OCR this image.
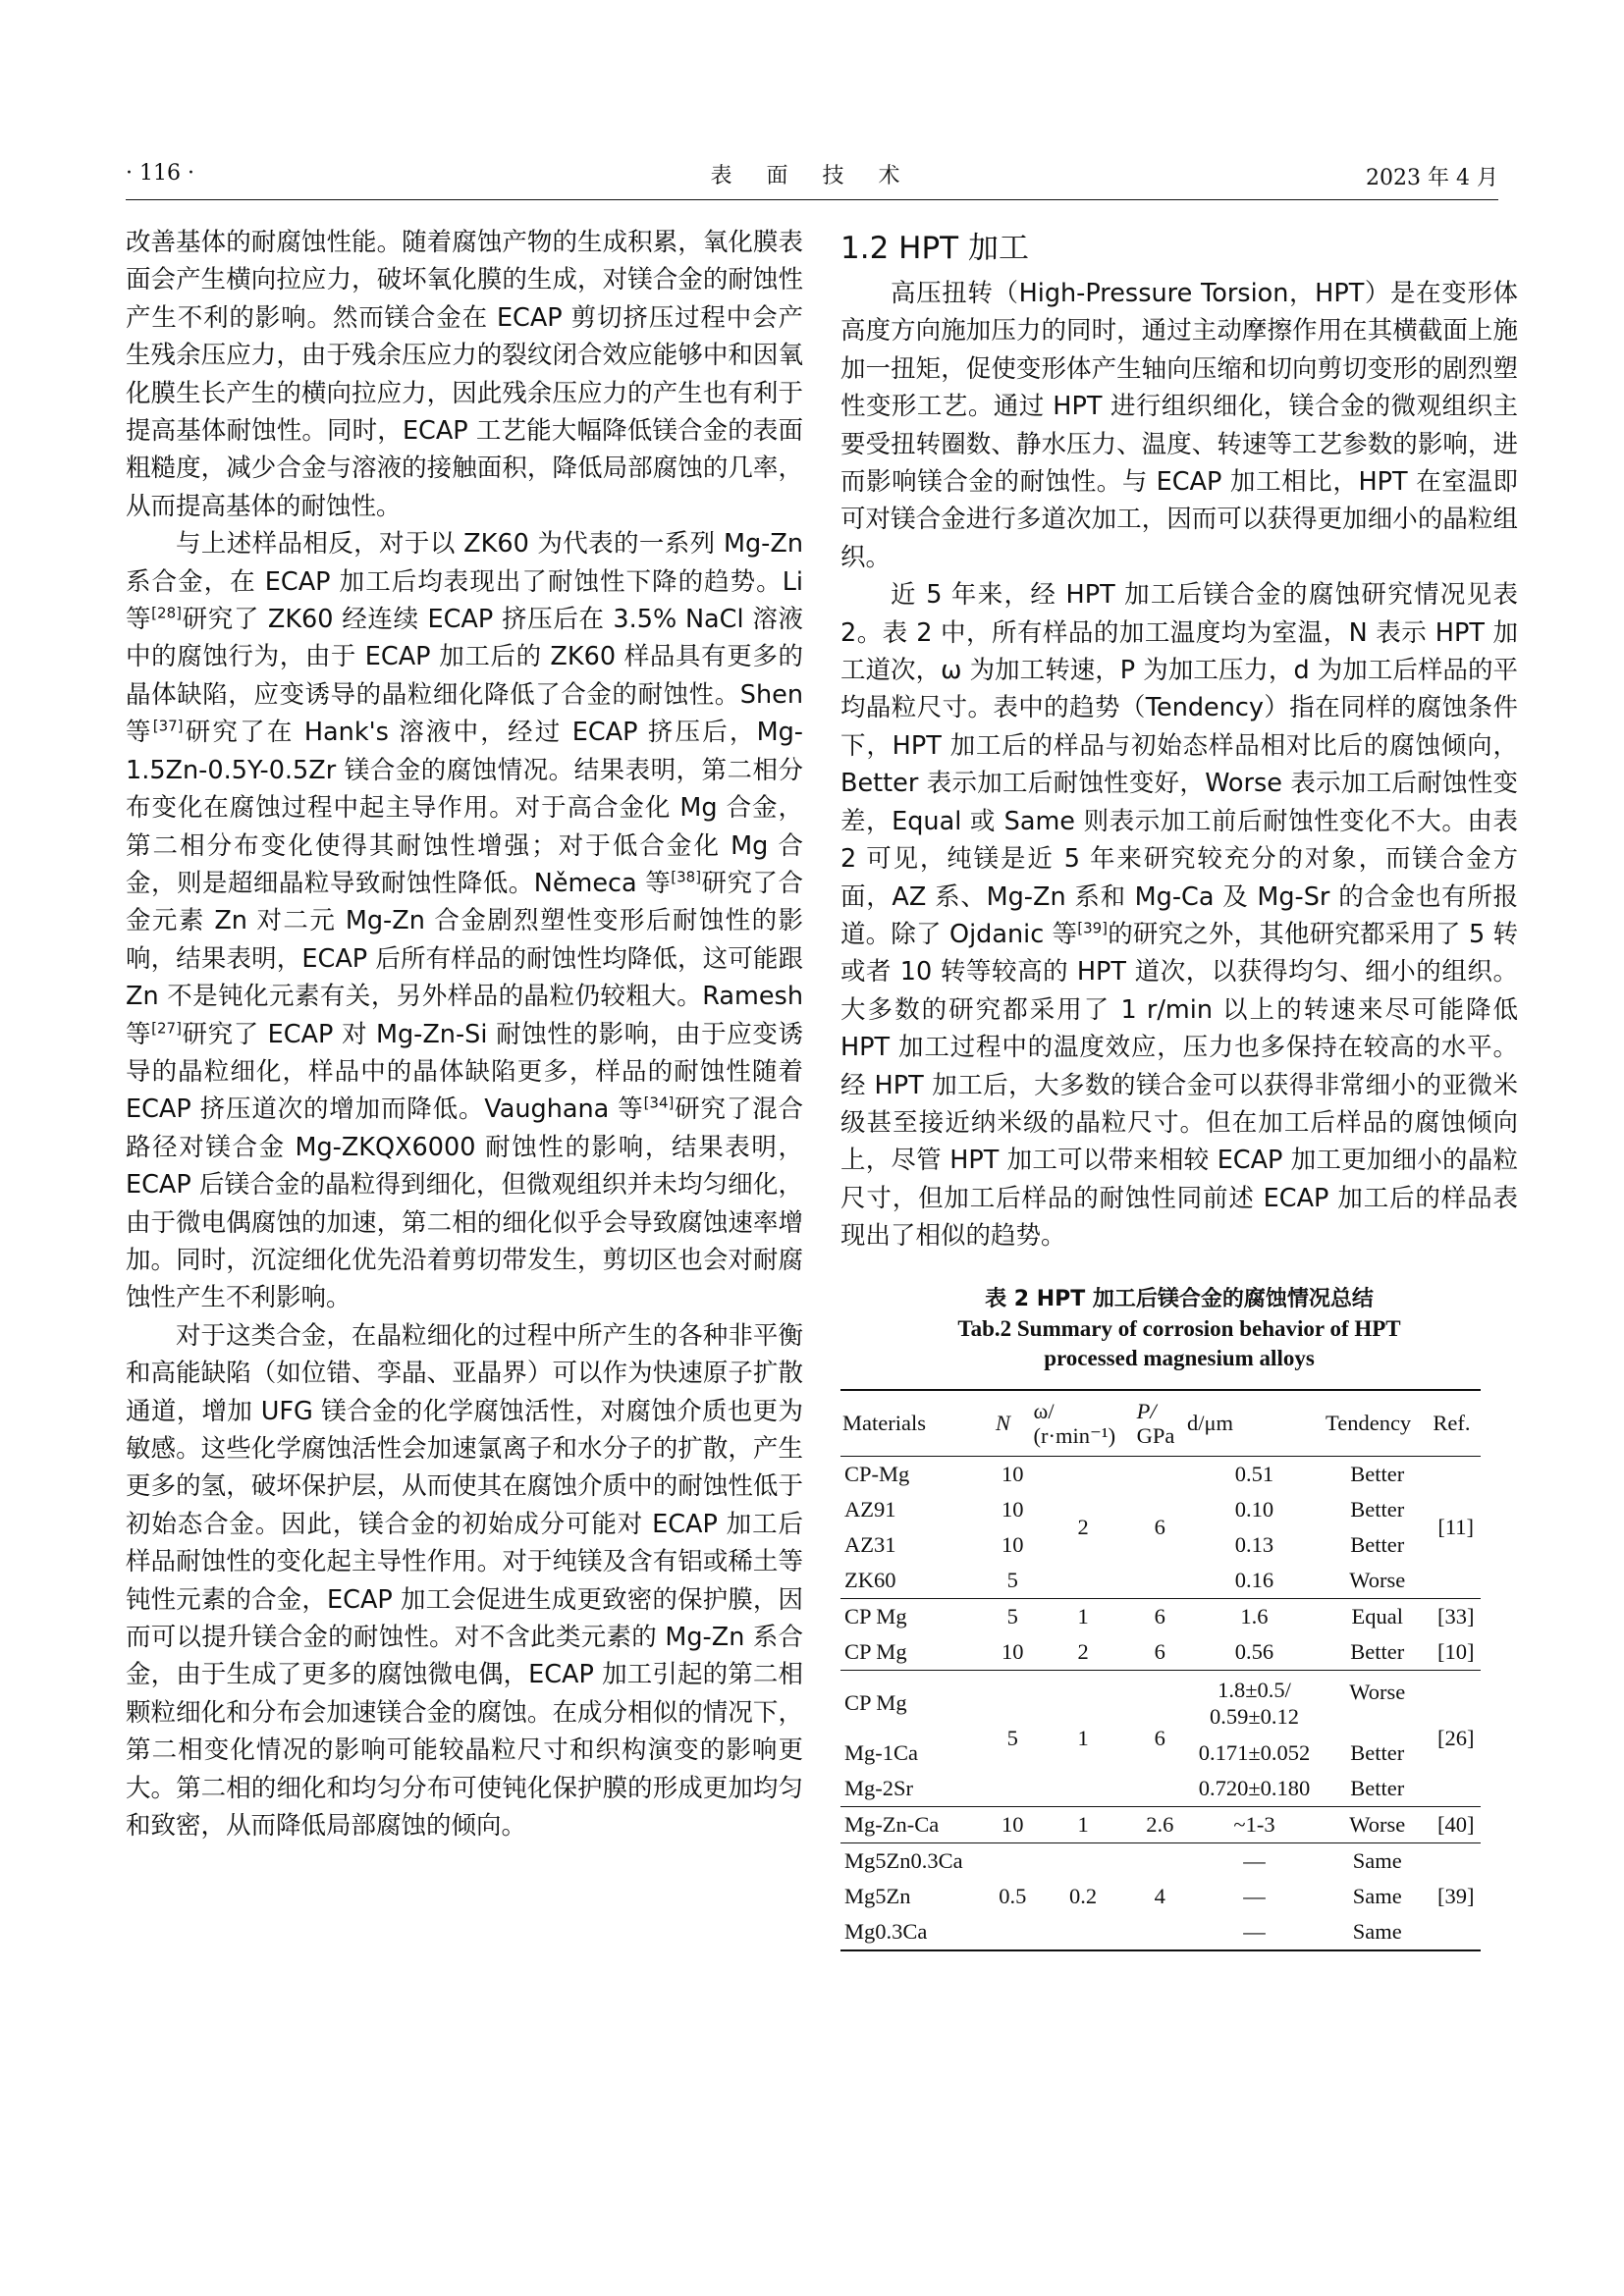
· 116 ·	表 面 技 术	2023 年 4 月

改善基体的耐腐蚀性能。随着腐蚀产物的生成积累，氧化膜表面会产生横向拉应力，破坏氧化膜的生成，对镁合金的耐蚀性产生不利的影响。然而镁合金在 ECAP 剪切挤压过程中会产生残余压应力，由于残余压应力的裂纹闭合效应能够中和因氧化膜生长产生的横向拉应力，因此残余压应力的产生也有利于提高基体耐蚀性。同时，ECAP 工艺能大幅降低镁合金的表面粗糙度，减少合金与溶液的接触面积，降低局部腐蚀的几率，从而提高基体的耐蚀性。

与上述样品相反，对于以 ZK60 为代表的一系列 Mg-Zn 系合金，在 ECAP 加工后均表现出了耐蚀性下降的趋势。Li 等[28]研究了 ZK60 经连续 ECAP 挤压后在 3.5% NaCl 溶液中的腐蚀行为，由于 ECAP 加工后的 ZK60 样品具有更多的晶体缺陷，应变诱导的晶粒细化降低了合金的耐蚀性。Shen 等[37]研究了在 Hank's 溶液中，经过 ECAP 挤压后，Mg-1.5Zn-0.5Y-0.5Zr 镁合金的腐蚀情况。结果表明，第二相分布变化在腐蚀过程中起主导作用。对于高合金化 Mg 合金，第二相分布变化使得其耐蚀性增强；对于低合金化 Mg 合金，则是超细晶粒导致耐蚀性降低。Němeca 等[38]研究了合金元素 Zn 对二元 Mg-Zn 合金剧烈塑性变形后耐蚀性的影响，结果表明，ECAP 后所有样品的耐蚀性均降低，这可能跟 Zn 不是钝化元素有关，另外样品的晶粒仍较粗大。Ramesh 等[27]研究了 ECAP 对 Mg-Zn-Si 耐蚀性的影响，由于应变诱导的晶粒细化，样品中的晶体缺陷更多，样品的耐蚀性随着 ECAP 挤压道次的增加而降低。Vaughana 等[34]研究了混合路径对镁合金 Mg-ZKQX6000 耐蚀性的影响，结果表明，ECAP 后镁合金的晶粒得到细化，但微观组织并未均匀细化，由于微电偶腐蚀的加速，第二相的细化似乎会导致腐蚀速率增加。同时，沉淀细化优先沿着剪切带发生，剪切区也会对耐腐蚀性产生不利影响。

对于这类合金，在晶粒细化的过程中所产生的各种非平衡和高能缺陷（如位错、孪晶、亚晶界）可以作为快速原子扩散通道，增加 UFG 镁合金的化学腐蚀活性，对腐蚀介质也更为敏感。这些化学腐蚀活性会加速氯离子和水分子的扩散，产生更多的氢，破坏保护层，从而使其在腐蚀介质中的耐蚀性低于初始态合金。因此，镁合金的初始成分可能对 ECAP 加工后样品耐蚀性的变化起主导性作用。对于纯镁及含有铝或稀土等钝性元素的合金，ECAP 加工会促进生成更致密的保护膜，因而可以提升镁合金的耐蚀性。对不含此类元素的 Mg-Zn 系合金，由于生成了更多的腐蚀微电偶，ECAP 加工引起的第二相颗粒细化和分布会加速镁合金的腐蚀。在成分相似的情况下，第二相变化情况的影响可能较晶粒尺寸和织构演变的影响更大。第二相的细化和均匀分布可使钝化保护膜的形成更加均匀和致密，从而降低局部腐蚀的倾向。

1.2 HPT 加工

高压扭转（High-Pressure Torsion，HPT）是在变形体高度方向施加压力的同时，通过主动摩擦作用在其横截面上施加一扭矩，促使变形体产生轴向压缩和切向剪切变形的剧烈塑性变形工艺。通过 HPT 进行组织细化，镁合金的微观组织主要受扭转圈数、静水压力、温度、转速等工艺参数的影响，进而影响镁合金的耐蚀性。与 ECAP 加工相比，HPT 在室温即可对镁合金进行多道次加工，因而可以获得更加细小的晶粒组织。

近 5 年来，经 HPT 加工后镁合金的腐蚀研究情况见表 2。表 2 中，所有样品的加工温度均为室温，N 表示 HPT 加工道次，ω 为加工转速，P 为加工压力，d 为加工后样品的平均晶粒尺寸。表中的趋势（Tendency）指在同样的腐蚀条件下，HPT 加工后的样品与初始态样品相对比后的腐蚀倾向，Better 表示加工后耐蚀性变好，Worse 表示加工后耐蚀性变差，Equal 或 Same 则表示加工前后耐蚀性变化不大。由表 2 可见，纯镁是近 5 年来研究较充分的对象，而镁合金方面，AZ 系、Mg-Zn 系和 Mg-Ca 及 Mg-Sr 的合金也有所报道。除了 Ojdanic 等[39]的研究之外，其他研究都采用了 5 转或者 10 转等较高的 HPT 道次，以获得均匀、细小的组织。大多数的研究都采用了 1 r/min 以上的转速来尽可能降低 HPT 加工过程中的温度效应，压力也多保持在较高的水平。经 HPT 加工后，大多数的镁合金可以获得非常细小的亚微米级甚至接近纳米级的晶粒尺寸。但在加工后样品的腐蚀倾向上，尽管 HPT 加工可以带来相较 ECAP 加工更加细小的晶粒尺寸，但加工后样品的耐蚀性同前述 ECAP 加工后的样品表现出了相似的趋势。

表 2 HPT 加工后镁合金的腐蚀情况总结
Tab.2 Summary of corrosion behavior of HPT
processed magnesium alloys
Materials	N	ω/
(r·min⁻¹)	P/
GPa	d/μm	Tendency	Ref.
CP-Mg	10	2	6	0.51	Better	[11]
AZ91	10			0.10	Better	
AZ31	10			0.13	Better	
ZK60	5			0.16	Worse	
CP Mg	5	1	6	1.6	Equal	[33]
CP Mg	10	2	6	0.56	Better	[10]
CP Mg	5	1	6	1.8±0.5/
0.59±0.12	Worse	[26]
Mg-1Ca				0.171±0.052	Better	
Mg-2Sr				0.720±0.180	Better	
Mg-Zn-Ca	10	1	2.6	~1-3	Worse	[40]
Mg5Zn0.3Ca	0.5	0.2	4	—	Same	[39]
Mg5Zn				—	Same	
Mg0.3Ca				—	Same	
